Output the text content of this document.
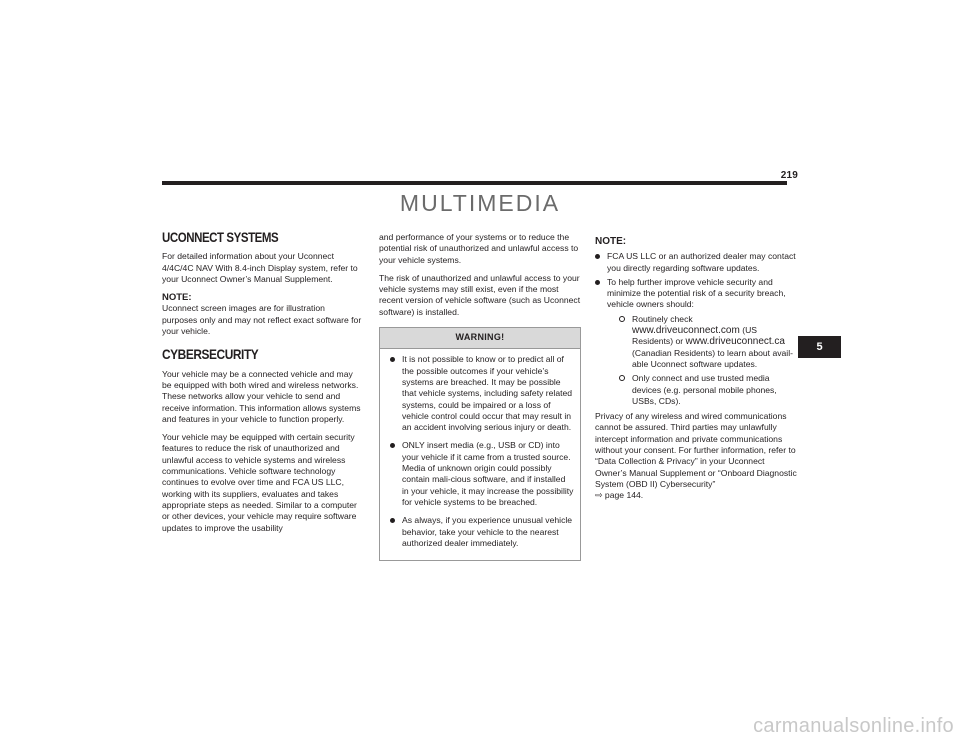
219
MULTIMEDIA
UCONNECT SYSTEMS

For detailed information about your Uconnect 4/4C/4C NAV With 8.4-inch Display system, refer to your Uconnect Owner’s Manual Supplement.

NOTE:

Uconnect screen images are for illustration purposes only and may not reflect exact software for your vehicle.

CYBERSECURITY

Your vehicle may be a connected vehicle and may be equipped with both wired and wireless networks. These networks allow your vehicle to send and receive information. This information allows systems and features in your vehicle to function properly.

Your vehicle may be equipped with certain security features to reduce the risk of unauthorized and unlawful access to vehicle systems and wireless communications. Vehicle software technology continues to evolve over time and FCA US LLC, working with its suppliers, evaluates and takes appropriate steps as needed. Similar to a computer or other devices, your vehicle may require software updates to improve the usability

and performance of your systems or to reduce the potential risk of unauthorized and unlawful access to your vehicle systems.

The risk of unauthorized and unlawful access to your vehicle systems may still exist, even if the most recent version of vehicle software (such as Uconnect software) is installed.

WARNING!
It is not possible to know or to predict all of the possible outcomes if your vehicle’s systems are breached. It may be possible that vehicle systems, including safety related systems, could be impaired or a loss of vehicle control could occur that may result in an accident involving serious injury or death.
ONLY insert media (e.g., USB or CD) into your vehicle if it came from a trusted source. Media of unknown origin could possibly contain mali-cious software, and if installed in your vehicle, it may increase the possibility for vehicle systems to be breached.
As always, if you experience unusual vehicle behavior, take your vehicle to the nearest authorized dealer immediately.
NOTE:
FCA US LLC or an authorized dealer may contact you directly regarding software updates.
To help further improve vehicle security and minimize the potential risk of a security breach, vehicle owners should:
Routinely check www.driveuconnect.com (US Residents) or www.driveuconnect.ca (Canadian Residents) to learn about avail-able Uconnect software updates.
Only connect and use trusted media devices (e.g. personal mobile phones, USBs, CDs).

Privacy of any wireless and wired communications cannot be assured. Third parties may unlawfully intercept information and private communications without your consent. For further information, refer to “Data Collection & Privacy” in your Uconnect Owner’s Manual Supplement or “Onboard Diagnostic System (OBD II) Cybersecurity”
⇨ page 144.

5
carmanualsonline.info
